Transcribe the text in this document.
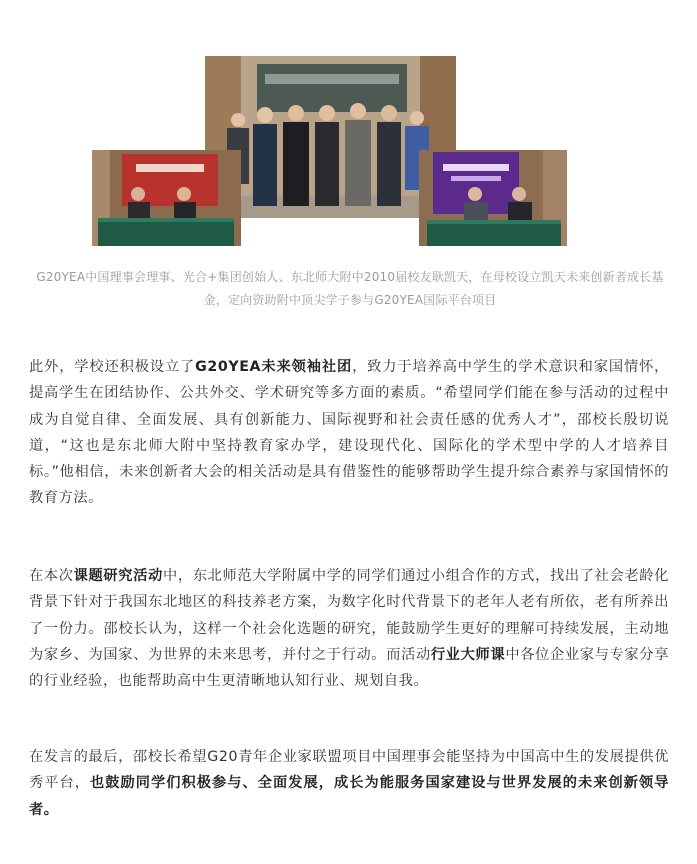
G20YEA中国理事会理事、光合+集团创始人、东北师大附中2010届校友耿凯天，在母校设立凯天未来创新者成长基金，定向资助附中顶尖学子参与G20YEA国际平台项目

此外，学校还积极设立了G20YEA未来领袖社团，致力于培养高中学生的学术意识和家国情怀，提高学生在团结协作、公共外交、学术研究等多方面的素质。“希望同学们能在参与活动的过程中成为自觉自律、全面发展、具有创新能力、国际视野和社会责任感的优秀人才”，邵校长殷切说道，“这也是东北师大附中坚持教育家办学，建设现代化、国际化的学术型中学的人才培养目标。”他相信，未来创新者大会的相关活动是具有借鉴性的能够帮助学生提升综合素养与家国情怀的教育方法。

在本次课题研究活动中，东北师范大学附属中学的同学们通过小组合作的方式，找出了社会老龄化背景下针对于我国东北地区的科技养老方案，为数字化时代背景下的老年人老有所依，老有所养出了一份力。邵校长认为，这样一个社会化选题的研究，能鼓励学生更好的理解可持续发展，主动地为家乡、为国家、为世界的未来思考，并付之于行动。而活动行业大师课中各位企业家与专家分享的行业经验，也能帮助高中生更清晰地认知行业、规划自我。

在发言的最后，邵校长希望G20青年企业家联盟项目中国理事会能坚持为中国高中生的发展提供优秀平台，也鼓励同学们积极参与、全面发展，成长为能服务国家建设与世界发展的未来创新领导者。
